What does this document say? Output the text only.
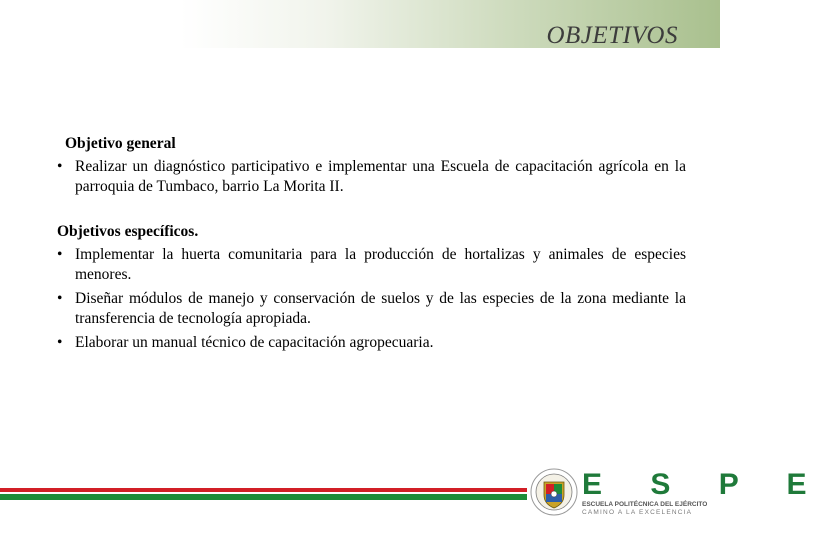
OBJETIVOS
Objetivo general
• Realizar un diagnóstico participativo e implementar una Escuela de capacitación agrícola en la parroquia de Tumbaco, barrio La Morita II.
Objetivos específicos.
• Implementar la huerta comunitaria para la producción de hortalizas y animales de especies menores.
• Diseñar módulos de manejo y conservación de suelos y de las especies de la zona mediante la transferencia de tecnología apropiada.
• Elaborar un manual técnico de capacitación agropecuaria.
E S P E
ESCUELA POLITÉCNICA DEL EJÉRCITO
CAMINO A LA EXCELENCIA
